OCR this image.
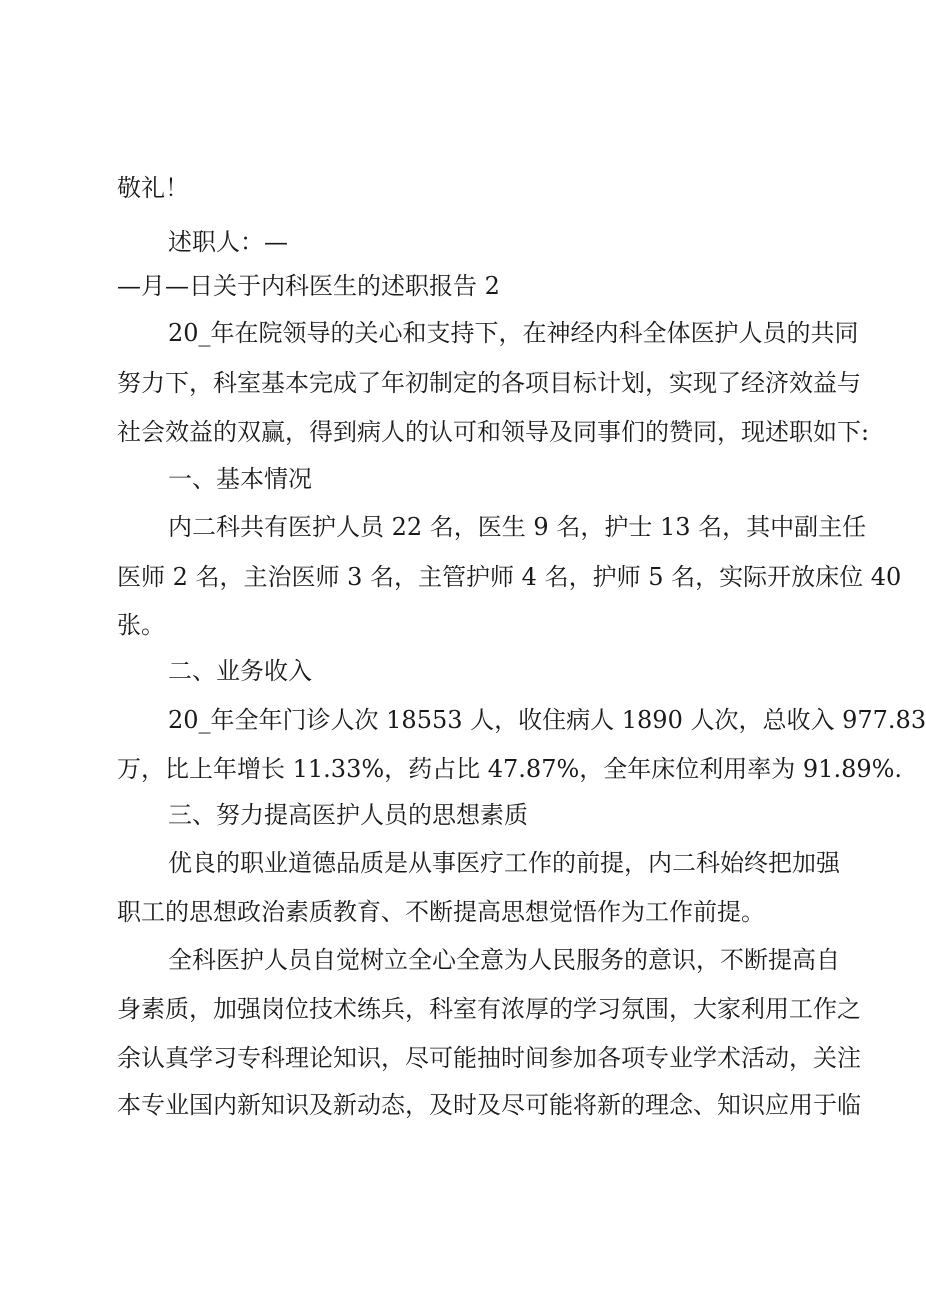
敬礼！
述职人：—
—月—日关于内科医生的述职报告 2
20_年在院领导的关心和支持下，在神经内科全体医护人员的共同
努力下，科室基本完成了年初制定的各项目标计划，实现了经济效益与
社会效益的双赢，得到病人的认可和领导及同事们的赞同，现述职如下:
一、基本情况
内二科共有医护人员 22 名，医生 9 名，护士 13 名，其中副主任
医师 2 名，主治医师 3 名，主管护师 4 名，护师 5 名，实际开放床位 40
张。
二、业务收入
20_年全年门诊人次 18553 人，收住病人 1890 人次，总收入 977.83
万，比上年增长 11.33%，药占比 47.87%，全年床位利用率为 91.89%.
三、努力提高医护人员的思想素质
优良的职业道德品质是从事医疗工作的前提，内二科始终把加强
职工的思想政治素质教育、不断提高思想觉悟作为工作前提。
全科医护人员自觉树立全心全意为人民服务的意识，不断提高自
身素质，加强岗位技术练兵，科室有浓厚的学习氛围，大家利用工作之
余认真学习专科理论知识，尽可能抽时间参加各项专业学术活动，关注
本专业国内新知识及新动态，及时及尽可能将新的理念、知识应用于临
